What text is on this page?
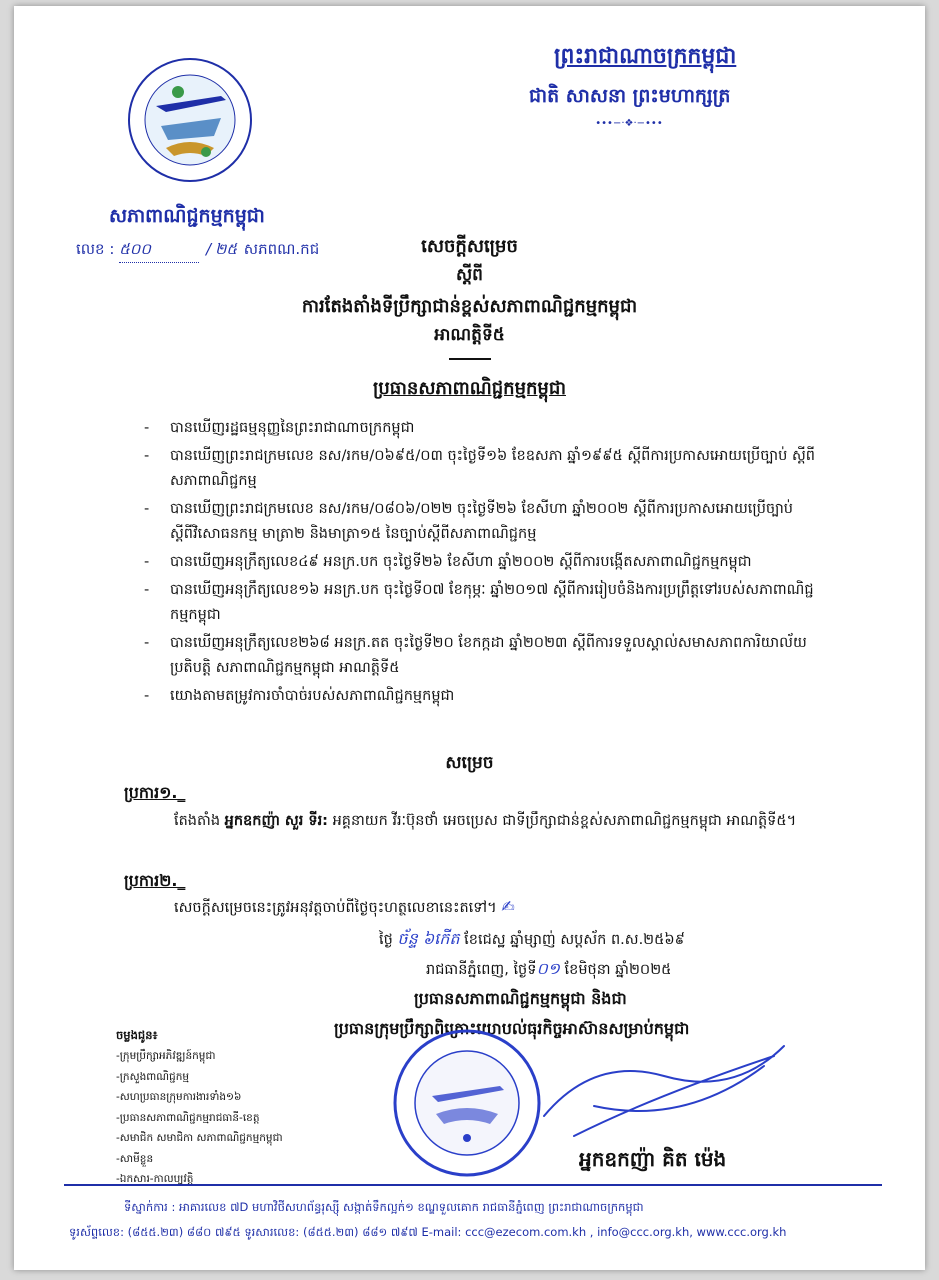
ព្រះរាជាណាចក្រកម្ពុជា
ជាតិ សាសនា ព្រះមហាក្សត្រ
•••−·❖·−•••
សភាពាណិជ្ជកម្មកម្ពុជា
លេខ : ៥០០	/ ២៥ សភពណ.កជ	សេចក្តីសម្រេច
ស្តីពី
ការតែងតាំងទីប្រឹក្សាជាន់ខ្ពស់សភាពាណិជ្ជកម្មកម្ពុជា
អាណត្តិទី៥
ប្រធានសភាពាណិជ្ជកម្មកម្ពុជា
- បានឃើញរដ្ឋធម្មនុញ្ញនៃព្រះរាជាណាចក្រកម្ពុជា
- បានឃើញព្រះរាជក្រមលេខ នស/រកម/០៦៩៥/០៣ ចុះថ្ងៃទី១៦ ខែឧសភា ឆ្នាំ១៩៩៥ ស្តីពីការប្រកាសអោយប្រើច្បាប់ ស្តីពីសភាពាណិជ្ជកម្ម
- បានឃើញព្រះរាជក្រមលេខ នស/រកម/០៨០៦/០២២ ចុះថ្ងៃទី២៦ ខែសីហា ឆ្នាំ២០០២ ស្តីពីការប្រកាសអោយប្រើច្បាប់ ស្តីពីវិសោធនកម្ម មាត្រា២ និងមាត្រា១៥ នៃច្បាប់ស្តីពីសភាពាណិជ្ជកម្ម
- បានឃើញអនុក្រឹត្យលេខ៤៩ អនក្រ.បក ចុះថ្ងៃទី២៦ ខែសីហា ឆ្នាំ២០០២ ស្តីពីការបង្កើតសភាពាណិជ្ជកម្មកម្ពុជា
- បានឃើញអនុក្រឹត្យលេខ១៦ អនក្រ.បក ចុះថ្ងៃទី០៧ ខែកុម្ភៈ ឆ្នាំ២០១៧ ស្តីពីការរៀបចំនិងការប្រព្រឹត្តទៅរបស់សភាពាណិជ្ជកម្មកម្ពុជា
- បានឃើញអនុក្រឹត្យលេខ២៦៨ អនក្រ.តត ចុះថ្ងៃទី២០ ខែកក្កដា ឆ្នាំ២០២៣ ស្តីពីការទទួលស្គាល់សមាសភាពការិយាល័យប្រតិបត្តិ សភាពាណិជ្ជកម្មកម្ពុជា អាណត្តិទី៥
- យោងតាមតម្រូវការចាំបាច់របស់សភាពាណិជ្ជកម្មកម្ពុជា
សម្រេច
ប្រការ១._
តែងតាំង អ្នកឧកញ៉ា សួរ ទីរ: អគ្គនាយក វីរៈប៊ុនថាំ អេចប្រេស ជាទីប្រឹក្សាជាន់ខ្ពស់សភាពាណិជ្ជកម្មកម្ពុជា អាណត្តិទី៥។
ប្រការ២._
សេចក្តីសម្រេចនេះត្រូវអនុវត្តចាប់ពីថ្ងៃចុះហត្ថលេខានេះតទៅ។ ✍
ថ្ងៃ ច័ន្ទ ៦កើត ខែជេស្ឋ ឆ្នាំម្សាញ់ សប្តស័ក ព.ស.២៥៦៩
រាជធានីភ្នំពេញ, ថ្ងៃទី០១ ខែមិថុនា ឆ្នាំ២០២៥
ប្រធានសភាពាណិជ្ជកម្មកម្ពុជា និងជា
ប្រធានក្រុមប្រឹក្សាពិគ្រោះយោបល់ធុរកិច្ចអាស៊ានសម្រាប់កម្ពុជា
អ្នកឧកញ៉ា គិត ម៉េង
ចម្លងជូន៖
-ក្រុមប្រឹក្សាអភិវឌ្ឍន៍កម្ពុជា
-ក្រសួងពាណិជ្ជកម្ម
-សហប្រធានក្រុមការងារទាំង១៦
-ប្រធានសភាពាណិជ្ជកម្មរាជធានី-ខេត្ត
-សមាជិក សមាជិកា សភាពាណិជ្ជកម្មកម្ពុជា
-សាមីខ្លួន
-ឯកសារ-កាលប្បវត្តិ
ទីស្នាក់ការ : អាគារលេខ ៧D មហាវិថីសហព័ន្ធរុស្ស៊ី សង្កាត់ទឹកល្អក់១ ខណ្ឌទួលគោក រាជធានីភ្នំពេញ ព្រះរាជាណាចក្រកម្ពុជា
ទូរស័ព្ទលេខ: (៨៥៥.២៣) ៨៨០ ៧៩៥ ទូរសារលេខ: (៨៥៥.២៣) ៨៨១ ៧៩៧ E-mail: ccc@ezecom.com.kh , info@ccc.org.kh, www.ccc.org.kh
